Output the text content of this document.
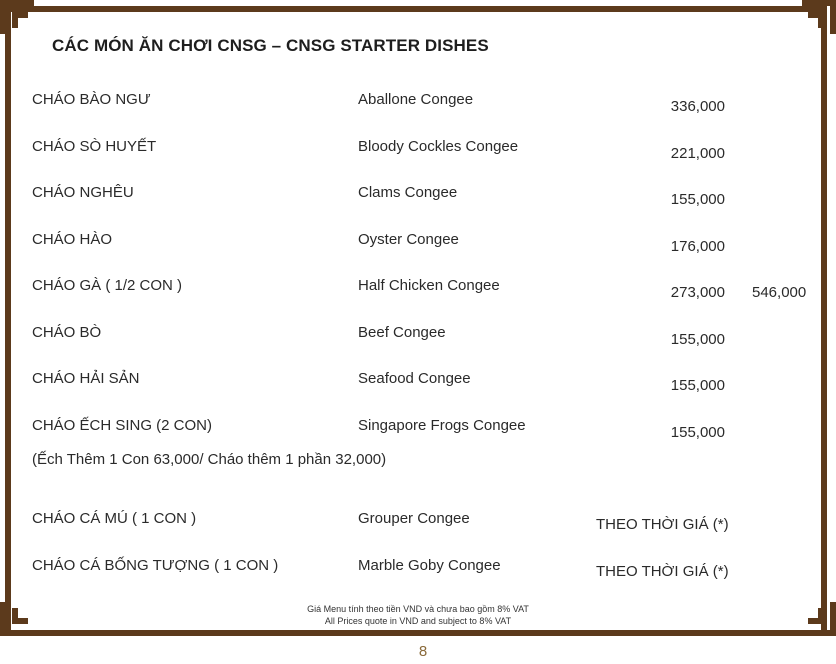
CÁC MÓN ĂN CHƠI CNSG – CNSG STARTER DISHES
CHÁO BÀO NGƯ	Aballone Congee	336,000
CHÁO SÒ HUYẾT	Bloody Cockles Congee	221,000
CHÁO NGHÊU	Clams Congee	155,000
CHÁO HÀO	Oyster Congee	176,000
CHÁO GÀ ( 1/2 CON )	Half Chicken Congee	273,000 546,000
CHÁO BÒ	Beef Congee	155,000
CHÁO HẢI SẢN	Seafood Congee	155,000
CHÁO ẾCH SING (2 CON)	Singapore Frogs Congee	155,000
(Ếch Thêm 1 Con 63,000/ Cháo thêm 1 phần 32,000)
CHÁO CÁ MÚ ( 1 CON )	Grouper Congee	THEO THỜI GIÁ (*)
CHÁO CÁ BỐNG TƯỢNG ( 1 CON )	Marble Goby Congee	THEO THỜI GIÁ (*)
Giá Menu tính theo tiền VND và chưa bao gồm 8% VAT
All Prices quote in VND and subject to 8% VAT
8
